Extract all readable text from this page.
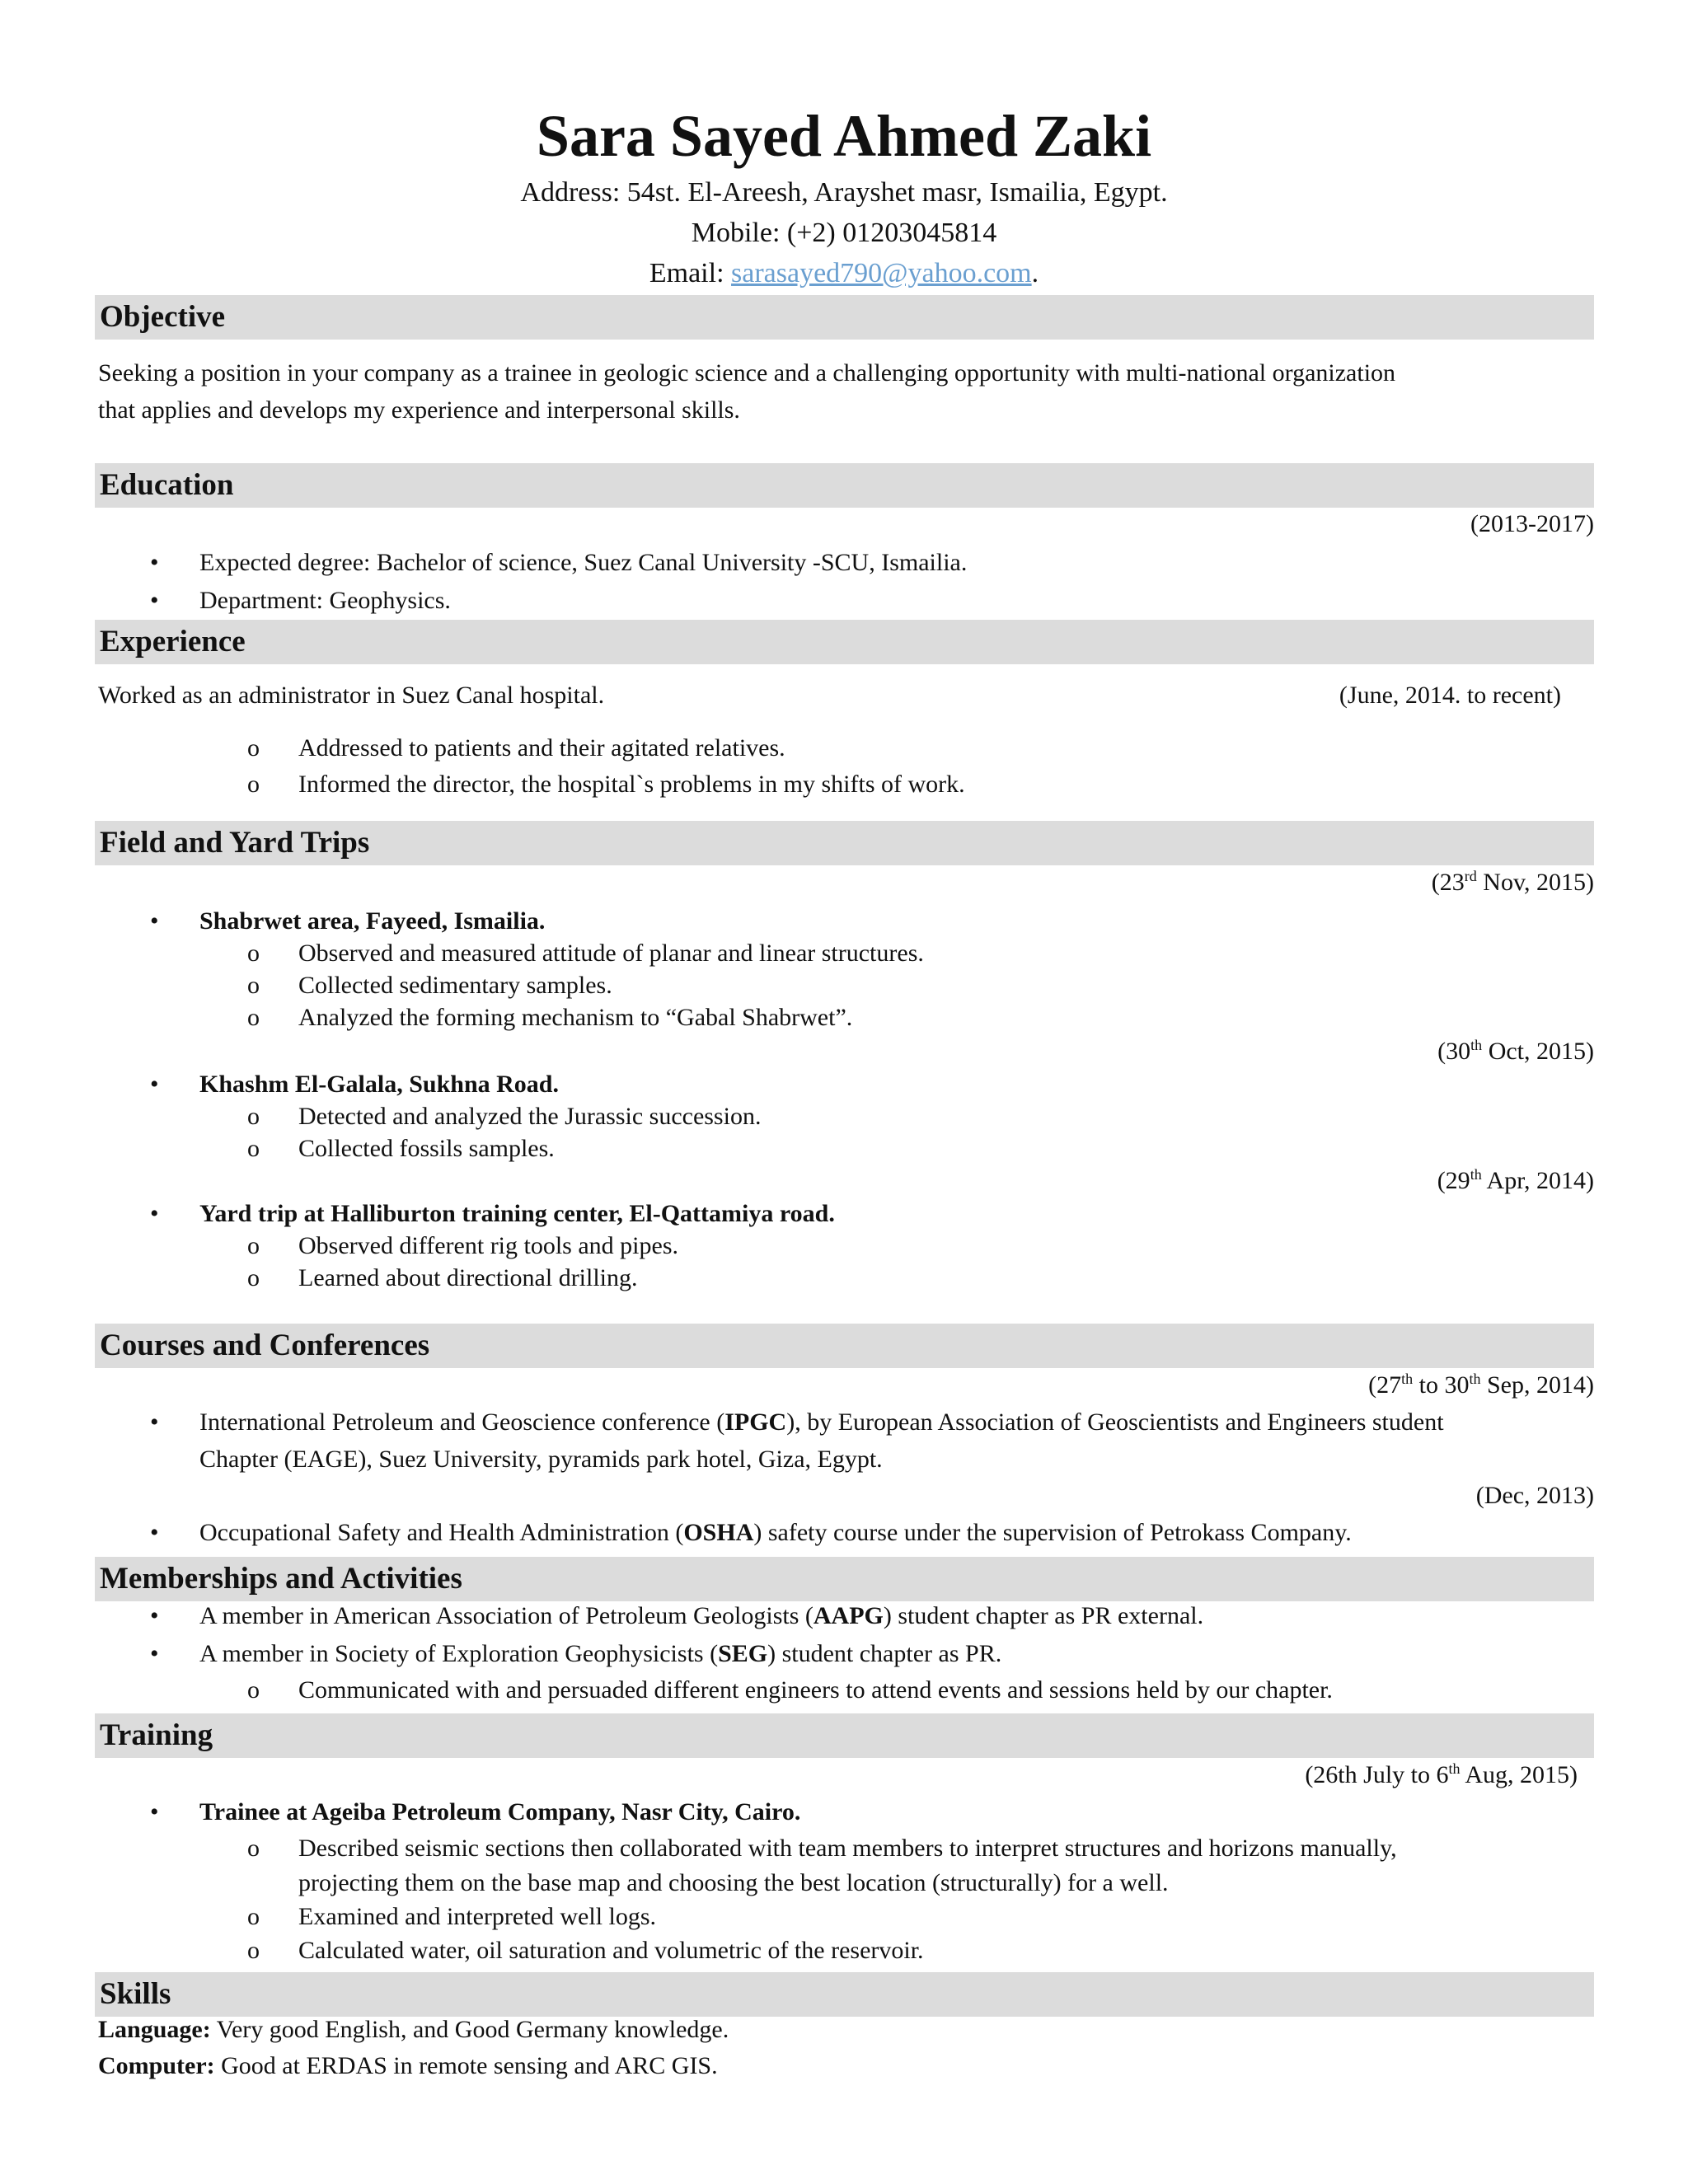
Sara Sayed Ahmed Zaki
Address: 54st. El-Areesh, Arayshet masr, Ismailia, Egypt.
Mobile: (+2) 01203045814
Email: sarasayed790@yahoo.com.
Objective
Seeking a position in your company as a trainee in geologic science and a challenging opportunity with multi-national organization
that applies and develops my experience and interpersonal skills.
Education
(2013-2017)
• Expected degree: Bachelor of science, Suez Canal University -SCU, Ismailia.
• Department: Geophysics.
Experience
Worked as an administrator in Suez Canal hospital.	(June, 2014. to recent)
o Addressed to patients and their agitated relatives.
o Informed the director, the hospital`s problems in my shifts of work.
Field and Yard Trips
(23rd Nov, 2015)
• Shabrwet area, Fayeed, Ismailia.
o Observed and measured attitude of planar and linear structures.
o Collected sedimentary samples.
o Analyzed the forming mechanism to “Gabal Shabrwet”.
(30th Oct, 2015)
• Khashm El-Galala, Sukhna Road.
o Detected and analyzed the Jurassic succession.
o Collected fossils samples.
(29th Apr, 2014)
• Yard trip at Halliburton training center, El-Qattamiya road.
o Observed different rig tools and pipes.
o Learned about directional drilling.
Courses and Conferences
(27th to 30th Sep, 2014)
• International Petroleum and Geoscience conference (IPGC), by European Association of Geoscientists and Engineers student
Chapter (EAGE), Suez University, pyramids park hotel, Giza, Egypt.
(Dec, 2013)
• Occupational Safety and Health Administration (OSHA) safety course under the supervision of Petrokass Company.
Memberships and Activities
• A member in American Association of Petroleum Geologists (AAPG) student chapter as PR external.
• A member in Society of Exploration Geophysicists (SEG) student chapter as PR.
o Communicated with and persuaded different engineers to attend events and sessions held by our chapter.
Training
(26th July to 6th Aug, 2015)
• Trainee at Ageiba Petroleum Company, Nasr City, Cairo.
o Described seismic sections then collaborated with team members to interpret structures and horizons manually,
projecting them on the base map and choosing the best location (structurally) for a well.
o Examined and interpreted well logs.
o Calculated water, oil saturation and volumetric of the reservoir.
Skills
Language: Very good English, and Good Germany knowledge.
Computer: Good at ERDAS in remote sensing and ARC GIS.
